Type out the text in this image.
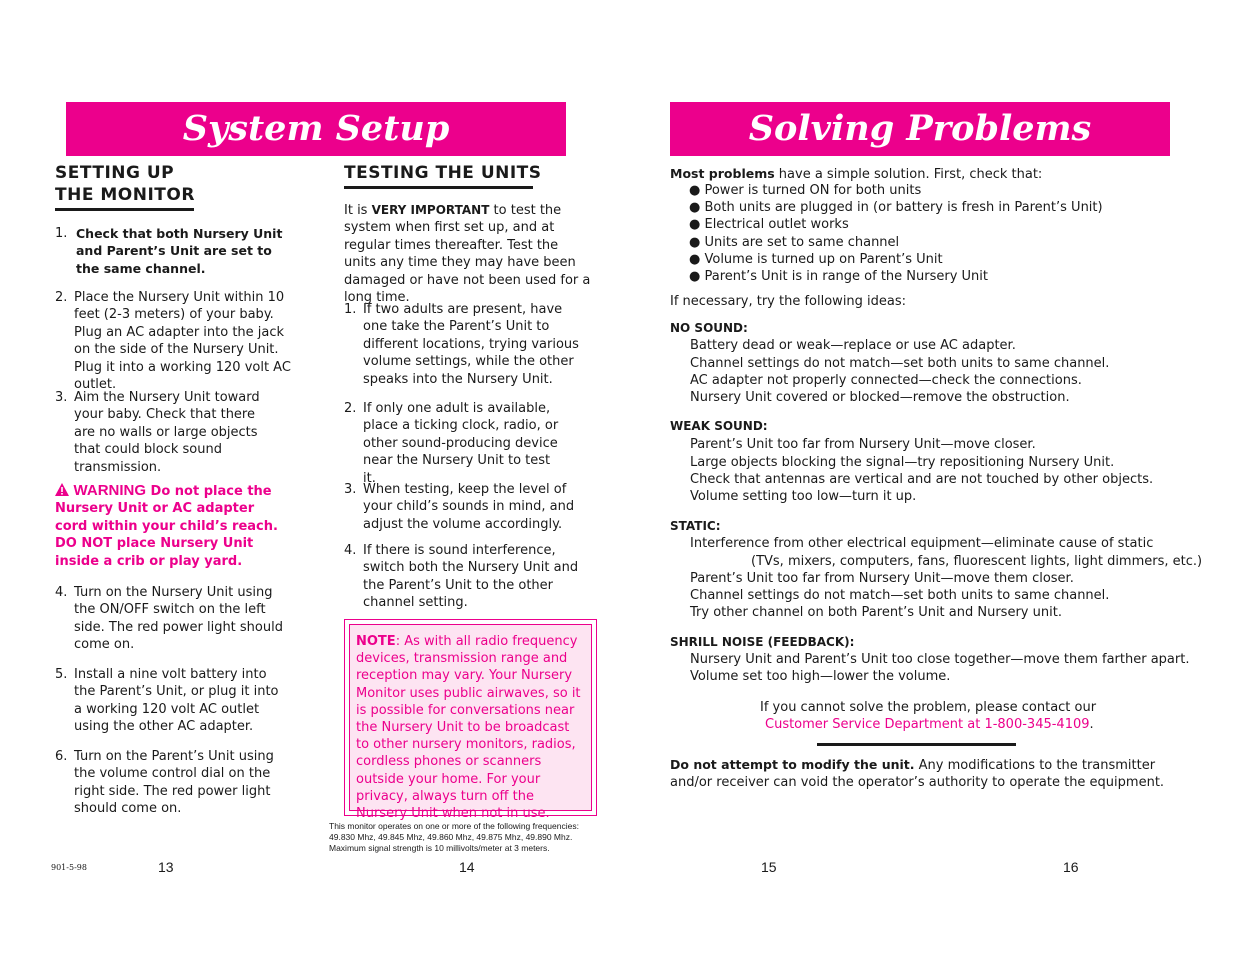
System Setup
SETTING UP
THE MONITOR
1. Check that both Nursery Unit and Parent’s Unit are set to the same channel.
2. Place the Nursery Unit within 10 feet (2-3 meters) of your baby. Plug an AC adapter into the jack on the side of the Nursery Unit. Plug it into a working 120 volt AC outlet.
3. Aim the Nursery Unit toward your baby. Check that there are no walls or large objects that could block sound transmission.
WARNING Do not place the Nursery Unit or AC adapter cord within your child’s reach. DO NOT place Nursery Unit inside a crib or play yard.
4. Turn on the Nursery Unit using the ON/OFF switch on the left side. The red power light should come on.
5. Install a nine volt battery into the Parent’s Unit, or plug it into a working 120 volt AC outlet using the other AC adapter.
6. Turn on the Parent’s Unit using the volume control dial on the right side. The red power light should come on.
TESTING THE UNITS
It is VERY IMPORTANT to test the system when first set up, and at regular times thereafter. Test the units any time they may have been damaged or have not been used for a long time.
1. If two adults are present, have one take the Parent’s Unit to different locations, trying various volume settings, while the other speaks into the Nursery Unit.
2. If only one adult is available, place a ticking clock, radio, or other sound-producing device near the Nursery Unit to test it.
3. When testing, keep the level of your child’s sounds in mind, and adjust the volume accordingly.
4. If there is sound interference, switch both the Nursery Unit and the Parent’s Unit to the other channel setting.
NOTE: As with all radio frequency devices, transmission range and reception may vary. Your Nursery Monitor uses public airwaves, so it is possible for conversations near the Nursery Unit to be broadcast to other nursery monitors, radios, cordless phones or scanners outside your home. For your privacy, always turn off the Nursery Unit when not in use.
This monitor operates on one or more of the following frequencies:
49.830 Mhz, 49.845 Mhz, 49.860 Mhz, 49.875 Mhz, 49.890 Mhz.
Maximum signal strength is 10 millivolts/meter at 3 meters.
901-5-98	13	14
Solving Problems
Most problems have a simple solution. First, check that:
● Power is turned ON for both units
● Both units are plugged in (or battery is fresh in Parent’s Unit)
● Electrical outlet works
● Units are set to same channel
● Volume is turned up on Parent’s Unit
● Parent’s Unit is in range of the Nursery Unit
If necessary, try the following ideas:
NO SOUND:
Battery dead or weak—replace or use AC adapter.
Channel settings do not match—set both units to same channel.
AC adapter not properly connected—check the connections.
Nursery Unit covered or blocked—remove the obstruction.
WEAK SOUND:
Parent’s Unit too far from Nursery Unit—move closer.
Large objects blocking the signal—try repositioning Nursery Unit.
Check that antennas are vertical and are not touched by other objects.
Volume setting too low—turn it up.
STATIC:
Interference from other electrical equipment—eliminate cause of static
(TVs, mixers, computers, fans, fluorescent lights, light dimmers, etc.)
Parent’s Unit too far from Nursery Unit—move them closer.
Channel settings do not match—set both units to same channel.
Try other channel on both Parent’s Unit and Nursery unit.
SHRILL NOISE (FEEDBACK):
Nursery Unit and Parent’s Unit too close together—move them farther apart.
Volume set too high—lower the volume.
If you cannot solve the problem, please contact our
Customer Service Department at 1-800-345-4109.
Do not attempt to modify the unit. Any modifications to the transmitter and/or receiver can void the operator’s authority to operate the equipment.
15	16
